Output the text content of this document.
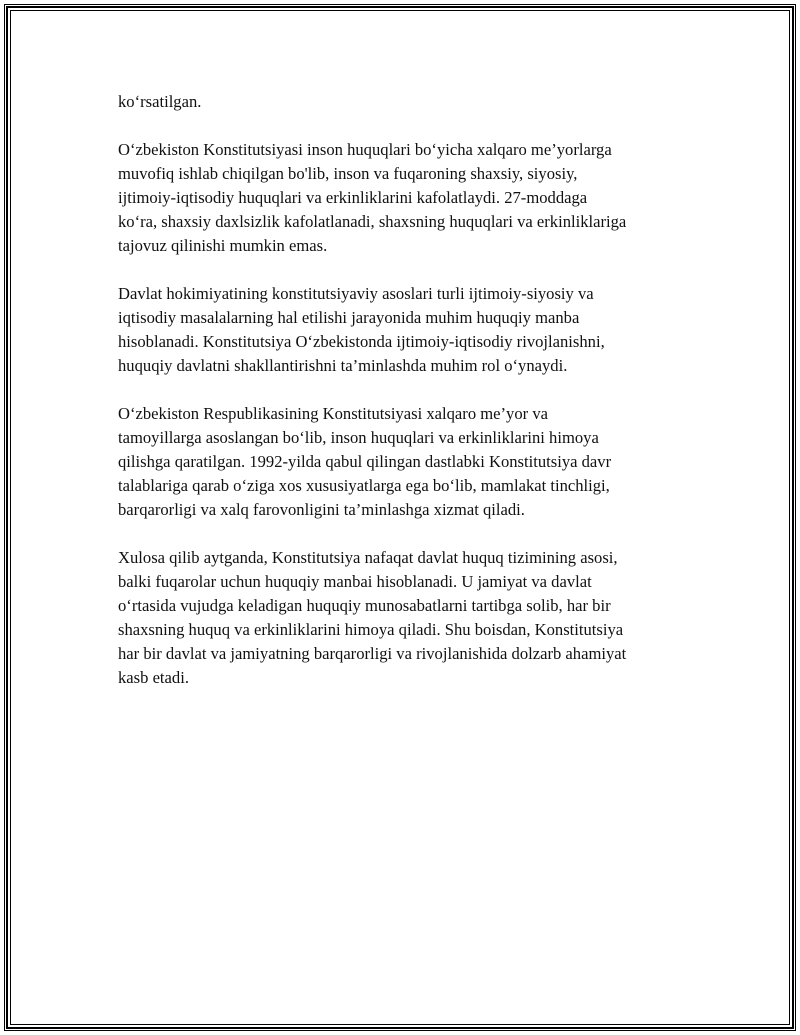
koʻrsatilgan.

Oʻzbekiston Konstitutsiyasi inson huquqlari boʻyicha xalqaro me’yorlarga
muvofiq ishlab chiqilgan bo'lib, inson va fuqaroning shaxsiy, siyosiy,
ijtimoiy-iqtisodiy huquqlari va erkinliklarini kafolatlaydi. 27-moddaga
koʻra, shaxsiy daxlsizlik kafolatlanadi, shaxsning huquqlari va erkinliklariga
tajovuz qilinishi mumkin emas.

Davlat hokimiyatining konstitutsiyaviy asoslari turli ijtimoiy-siyosiy va
iqtisodiy masalalarning hal etilishi jarayonida muhim huquqiy manba
hisoblanadi. Konstitutsiya Oʻzbekistonda ijtimoiy-iqtisodiy rivojlanishni,
huquqiy davlatni shakllantirishni ta’minlashda muhim rol oʻynaydi.

Oʻzbekiston Respublikasining Konstitutsiyasi xalqaro me’yor va
tamoyillarga asoslangan boʻlib, inson huquqlari va erkinliklarini himoya
qilishga qaratilgan. 1992-yilda qabul qilingan dastlabki Konstitutsiya davr
talablariga qarab oʻziga xos xususiyatlarga ega boʻlib, mamlakat tinchligi,
barqarorligi va xalq farovonligini ta’minlashga xizmat qiladi.

Xulosa qilib aytganda, Konstitutsiya nafaqat davlat huquq tizimining asosi,
balki fuqarolar uchun huquqiy manbai hisoblanadi. U jamiyat va davlat
oʻrtasida vujudga keladigan huquqiy munosabatlarni tartibga solib, har bir
shaxsning huquq va erkinliklarini himoya qiladi. Shu boisdan, Konstitutsiya
har bir davlat va jamiyatning barqarorligi va rivojlanishida dolzarb ahamiyat
kasb etadi.
